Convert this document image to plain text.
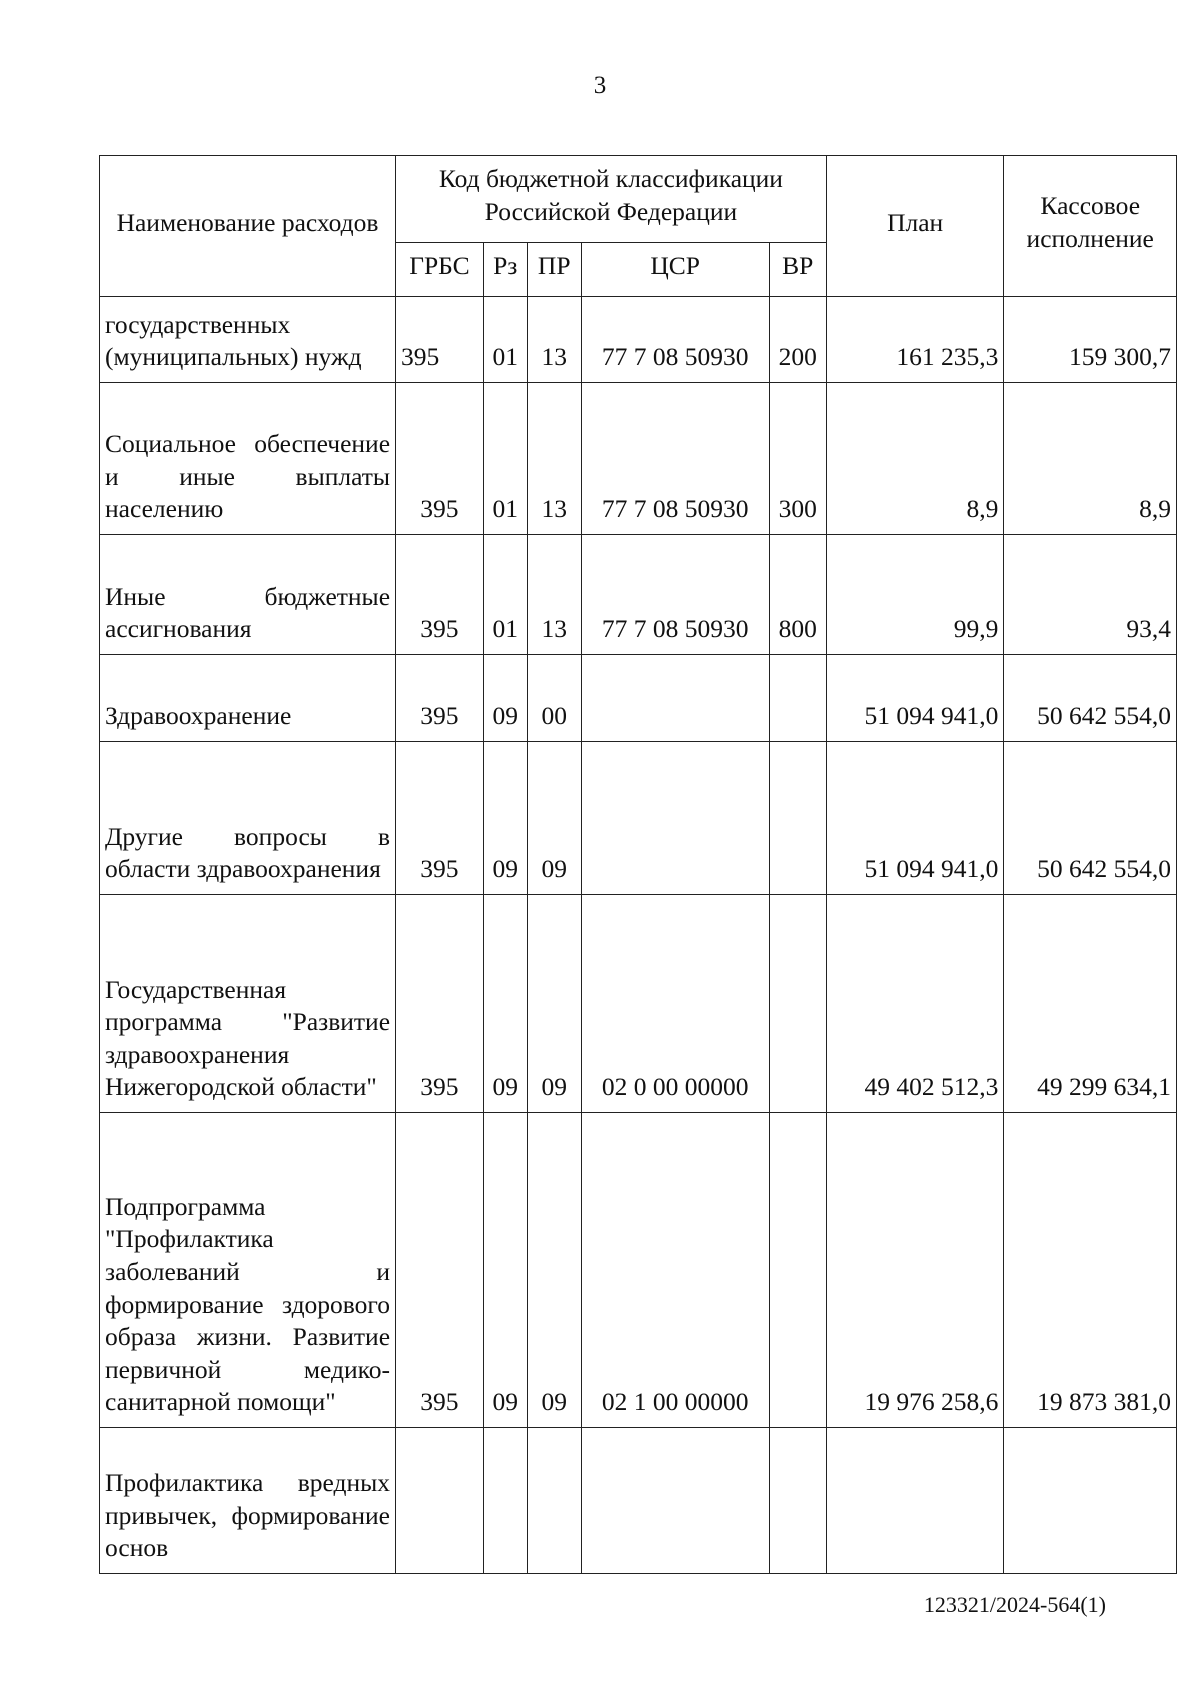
3
Наименование расходов	Код бюджетной классификации Российской Федерации					План	Кассовое исполнение
	ГРБС	Рз	ПР	ЦСР	ВР		
государственных (муниципальных) нужд	395	01	13	77 7 08 50930	200	161 235,3	159 300,7
Социальное обеспечение и иные выплаты населению	395	01	13	77 7 08 50930	300	8,9	8,9
Иные бюджетные ассигнования	395	01	13	77 7 08 50930	800	99,9	93,4
Здравоохранение	395	09	00			51 094 941,0	50 642 554,0
Другие вопросы в области здравоохранения	395	09	09			51 094 941,0	50 642 554,0
Государственная программа "Развитие здравоохранения Нижегородской области"	395	09	09	02 0 00 00000		49 402 512,3	49 299 634,1
Подпрограмма "Профилактика заболеваний и формирование здорового образа жизни. Развитие первичной медико-санитарной помощи"	395	09	09	02 1 00 00000		19 976 258,6	19 873 381,0
Профилактика вредных привычек, формирование основ							
123321/2024-564(1)
